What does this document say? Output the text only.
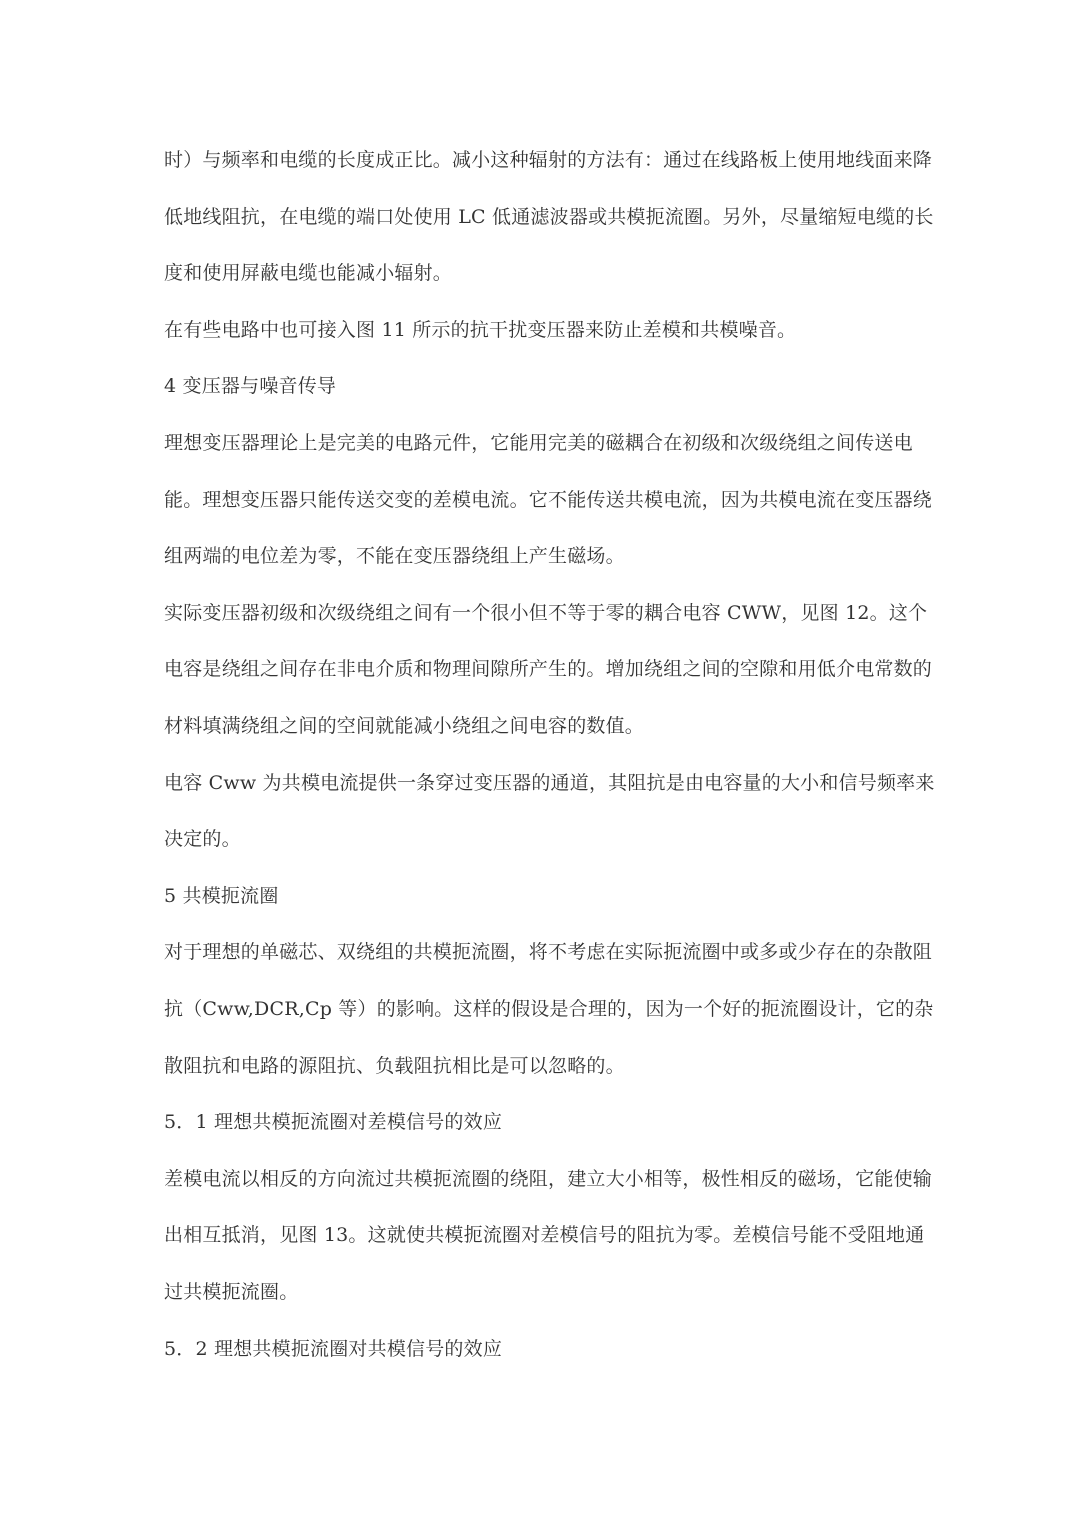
时）与频率和电缆的长度成正比。减小这种辐射的方法有：通过在线路板上使用地线面来降
低地线阻抗，在电缆的端口处使用 LC 低通滤波器或共模扼流圈。另外，尽量缩短电缆的长
度和使用屏蔽电缆也能减小辐射。
在有些电路中也可接入图 11 所示的抗干扰变压器来防止差模和共模噪音。
4 变压器与噪音传导
理想变压器理论上是完美的电路元件，它能用完美的磁耦合在初级和次级绕组之间传送电
能。理想变压器只能传送交变的差模电流。它不能传送共模电流，因为共模电流在变压器绕
组两端的电位差为零，不能在变压器绕组上产生磁场。
实际变压器初级和次级绕组之间有一个很小但不等于零的耦合电容 CWW，见图 12。这个
电容是绕组之间存在非电介质和物理间隙所产生的。增加绕组之间的空隙和用低介电常数的
材料填满绕组之间的空间就能减小绕组之间电容的数值。
电容 Cww 为共模电流提供一条穿过变压器的通道，其阻抗是由电容量的大小和信号频率来
决定的。
5 共模扼流圈
对于理想的单磁芯、双绕组的共模扼流圈，将不考虑在实际扼流圈中或多或少存在的杂散阻
抗（Cww,DCR,Cp 等）的影响。这样的假设是合理的，因为一个好的扼流圈设计，它的杂
散阻抗和电路的源阻抗、负载阻抗相比是可以忽略的。
5．1 理想共模扼流圈对差模信号的效应
差模电流以相反的方向流过共模扼流圈的绕阻，建立大小相等，极性相反的磁场，它能使输
出相互抵消，见图 13。这就使共模扼流圈对差模信号的阻抗为零。差模信号能不受阻地通
过共模扼流圈。
5．2 理想共模扼流圈对共模信号的效应
